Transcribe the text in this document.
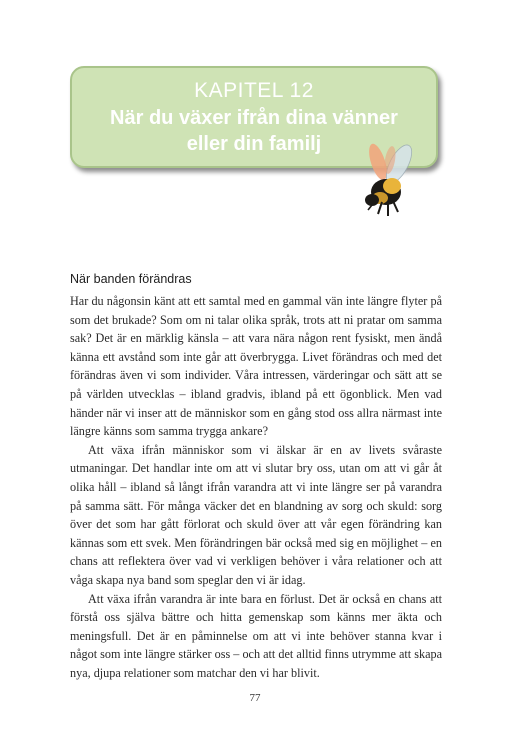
KAPITEL 12
När du växer ifrån dina vänner eller din familj
När banden förändras

Har du någonsin känt att ett samtal med en gammal vän inte längre flyter på som det brukade? Som om ni talar olika språk, trots att ni pratar om samma sak? Det är en märklig känsla – att vara nära någon rent fysiskt, men ändå känna ett avstånd som inte går att överbrygga. Livet förändras och med det förändras även vi som individer. Våra intressen, värderingar och sätt att se på världen utvecklas – ibland gradvis, ibland på ett ögonblick. Men vad händer när vi inser att de människor som en gång stod oss allra närmast inte längre känns som samma trygga ankare?

Att växa ifrån människor som vi älskar är en av livets svåraste utmaningar. Det handlar inte om att vi slutar bry oss, utan om att vi går åt olika håll – ibland så långt ifrån varandra att vi inte längre ser på varandra på samma sätt. För många väcker det en blandning av sorg och skuld: sorg över det som har gått förlorat och skuld över att vår egen förändring kan kännas som ett svek. Men förändringen bär också med sig en möjlighet – en chans att reflektera över vad vi verkligen behöver i våra relationer och att våga skapa nya band som speglar den vi är idag.

Att växa ifrån varandra är inte bara en förlust. Det är också en chans att förstå oss själva bättre och hitta gemenskap som känns mer äkta och meningsfull. Det är en påminnelse om att vi inte behöver stanna kvar i något som inte längre stärker oss – och att det alltid finns utrymme att skapa nya, djupa relationer som matchar den vi har blivit.

77
